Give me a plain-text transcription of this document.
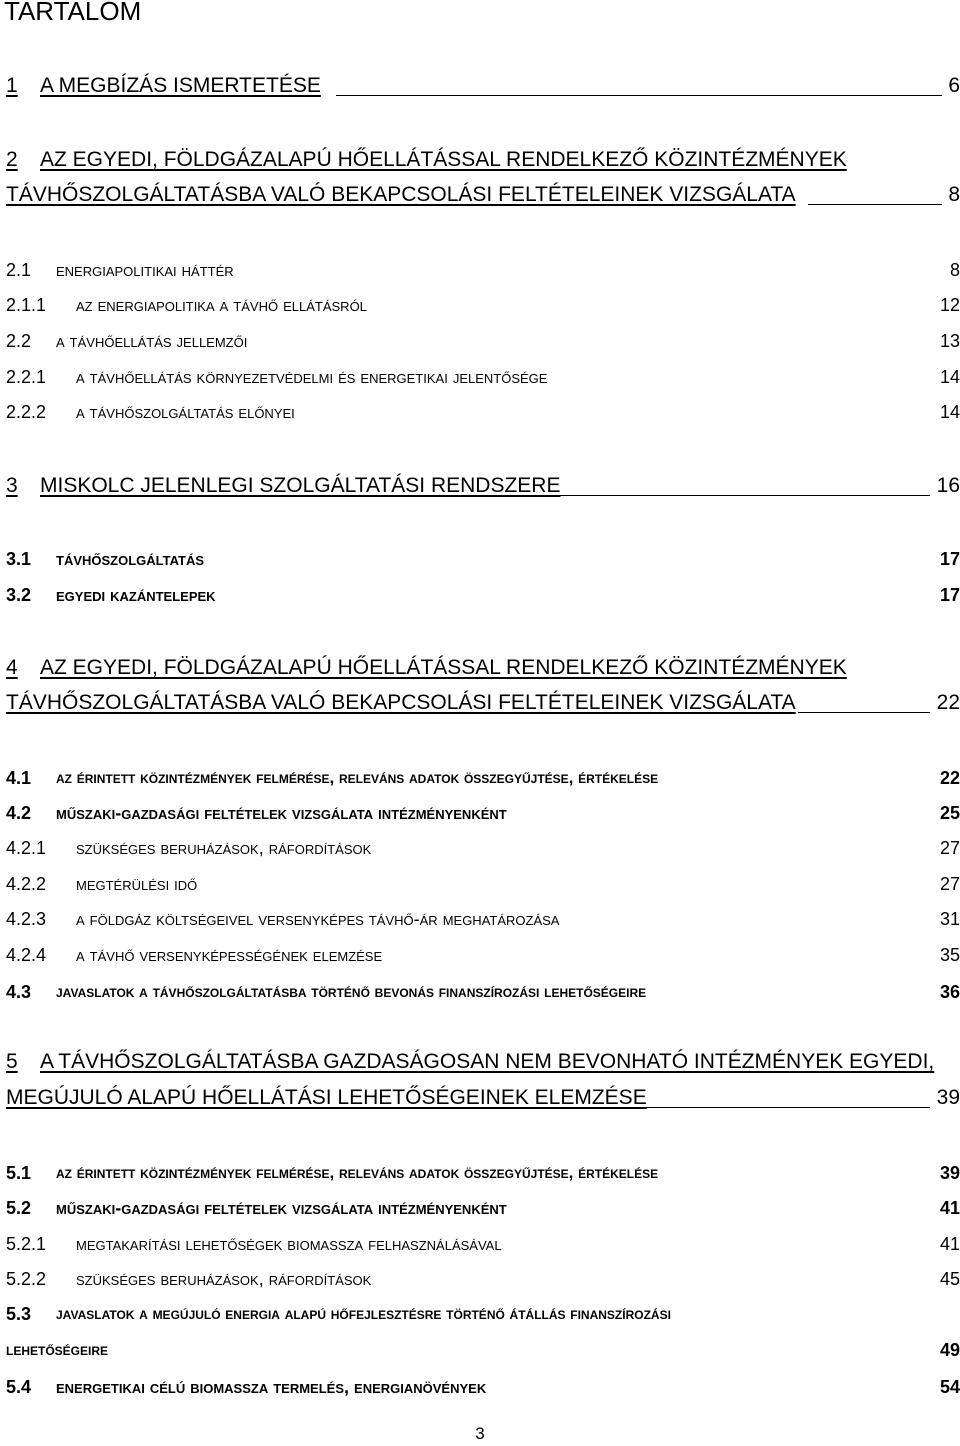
TARTALOM
1 A MEGBÍZÁS ISMERTETÉSE	6
2 AZ EGYEDI, FÖLDGÁZALAPÚ HŐELLÁTÁSSAL RENDELKEZŐ KÖZINTÉZMÉNYEK
TÁVHŐSZOLGÁLTATÁSBA VALÓ BEKAPCSOLÁSI FELTÉTELEINEK VIZSGÁLATA	8
2.1 energiapolitikai háttér	8
2.1.1 az energiapolitika a távhő ellátásról	12
2.2 a távhőellátás jellemzői	13
2.2.1 a távhőellátás környezetvédelmi és energetikai jelentősége	14
2.2.2 a távhőszolgáltatás előnyei	14
3 MISKOLC JELENLEGI SZOLGÁLTATÁSI RENDSZERE	16
3.1 távhőszolgáltatás	17
3.2 egyedi kazántelepek	17
4 AZ EGYEDI, FÖLDGÁZALAPÚ HŐELLÁTÁSSAL RENDELKEZŐ KÖZINTÉZMÉNYEK
TÁVHŐSZOLGÁLTATÁSBA VALÓ BEKAPCSOLÁSI FELTÉTELEINEK VIZSGÁLATA	22
4.1 az érintett közintézmények felmérése, releváns adatok összegyűjtése, értékelése	22
4.2 műszaki-gazdasági feltételek vizsgálata intézményenként	25
4.2.1 szükséges beruházások, ráfordítások	27
4.2.2 megtérülési idő	27
4.2.3 a földgáz költségeivel versenyképes távhő-ár meghatározása	31
4.2.4 a távhő versenyképességének elemzése	35
4.3 javaslatok a távhőszolgáltatásba történő bevonás finanszírozási lehetőségeire	36
5 A TÁVHŐSZOLGÁLTATÁSBA GAZDASÁGOSAN NEM BEVONHATÓ INTÉZMÉNYEK EGYEDI,
MEGÚJULÓ ALAPÚ HŐELLÁTÁSI LEHETŐSÉGEINEK ELEMZÉSE	39
5.1 az érintett közintézmények felmérése, releváns adatok összegyűjtése, értékelése	39
5.2 műszaki-gazdasági feltételek vizsgálata intézményenként	41
5.2.1 megtakarítási lehetőségek biomassza felhasználásával	41
5.2.2 szükséges beruházások, ráfordítások	45
5.3 javaslatok a megújuló energia alapú hőfejlesztésre történő átállás finanszírozási
lehetőségeire	49
5.4 energetikai célú biomassza termelés, energianövények	54
3
